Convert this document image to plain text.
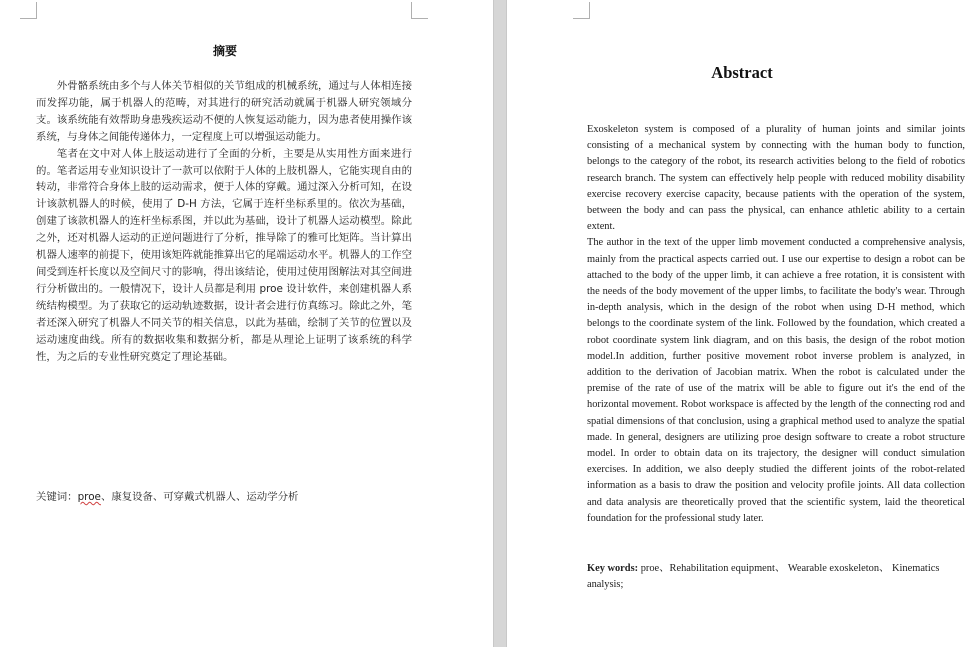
摘要

外骨骼系统由多个与人体关节相似的关节组成的机械系统，通过与人体相连接而发挥功能，属于机器人的范畴，对其进行的研究活动就属于机器人研究领域分支。该系统能有效帮助身患残疾运动不便的人恢复运动能力，因为患者使用操作该系统，与身体之间能传递体力，一定程度上可以增强运动能力。

笔者在文中对人体上肢运动进行了全面的分析，主要是从实用性方面来进行的。笔者运用专业知识设计了一款可以依附于人体的上肢机器人，它能实现自由的转动，非常符合身体上肢的运动需求，便于人体的穿戴。通过深入分析可知，在设计该款机器人的时候，使用了 D-H 方法，它属于连杆坐标系里的。依次为基础，创建了该款机器人的连杆坐标系图，并以此为基础，设计了机器人运动模型。除此之外，还对机器人运动的正逆问题进行了分析，推导除了的雅可比矩阵。当计算出机器人速率的前提下，使用该矩阵就能推算出它的尾端运动水平。机器人的工作空间受到连杆长度以及空间尺寸的影响，得出该结论，使用过使用图解法对其空间进行分析做出的。一般情况下，设计人员都是利用 proe 设计软件，来创建机器人系统结构模型。为了获取它的运动轨迹数据，设计者会进行仿真练习。除此之外，笔者还深入研究了机器人不同关节的相关信息，以此为基础，绘制了关节的位置以及运动速度曲线。所有的数据收集和数据分析，都是从理论上证明了该系统的科学性，为之后的专业性研究奠定了理论基础。

关键词：proe、康复设备、可穿戴式机器人、运动学分析
Abstract

Exoskeleton system is composed of a plurality of human joints and similar joints consisting of a mechanical system by connecting with the human body to function, belongs to the category of the robot, its research activities belong to the field of robotics research branch. The system can effectively help people with reduced mobility disability exercise recovery exercise capacity, because patients with the operation of the system, between the body and can pass the physical, can enhance athletic ability to a certain extent.

The author in the text of the upper limb movement conducted a comprehensive analysis, mainly from the practical aspects carried out. I use our expertise to design a robot can be attached to the body of the upper limb, it can achieve a free rotation, it is consistent with the needs of the body movement of the upper limbs, to facilitate the body's wear. Through in-depth analysis, which in the design of the robot when using D-H method, which belongs to the coordinate system of the link. Followed by the foundation, which created a robot coordinate system link diagram, and on this basis, the design of the robot motion model.In addition, further positive movement robot inverse problem is analyzed, in addition to the derivation of Jacobian matrix. When the robot is calculated under the premise of the rate of use of the matrix will be able to figure out it's the end of the horizontal movement. Robot workspace is affected by the length of the connecting rod and spatial dimensions of that conclusion, using a graphical method used to analyze the spatial made. In general, designers are utilizing proe design software to create a robot structure model. In order to obtain data on its trajectory, the designer will conduct simulation exercises. In addition, we also deeply studied the different joints of the robot-related information as a basis to draw the position and velocity profile joints. All data collection and data analysis are theoretically proved that the scientific system, laid the theoretical foundation for the professional study later.

Key words: proe、Rehabilitation equipment、 Wearable exoskeleton、 Kinematics analysis;
